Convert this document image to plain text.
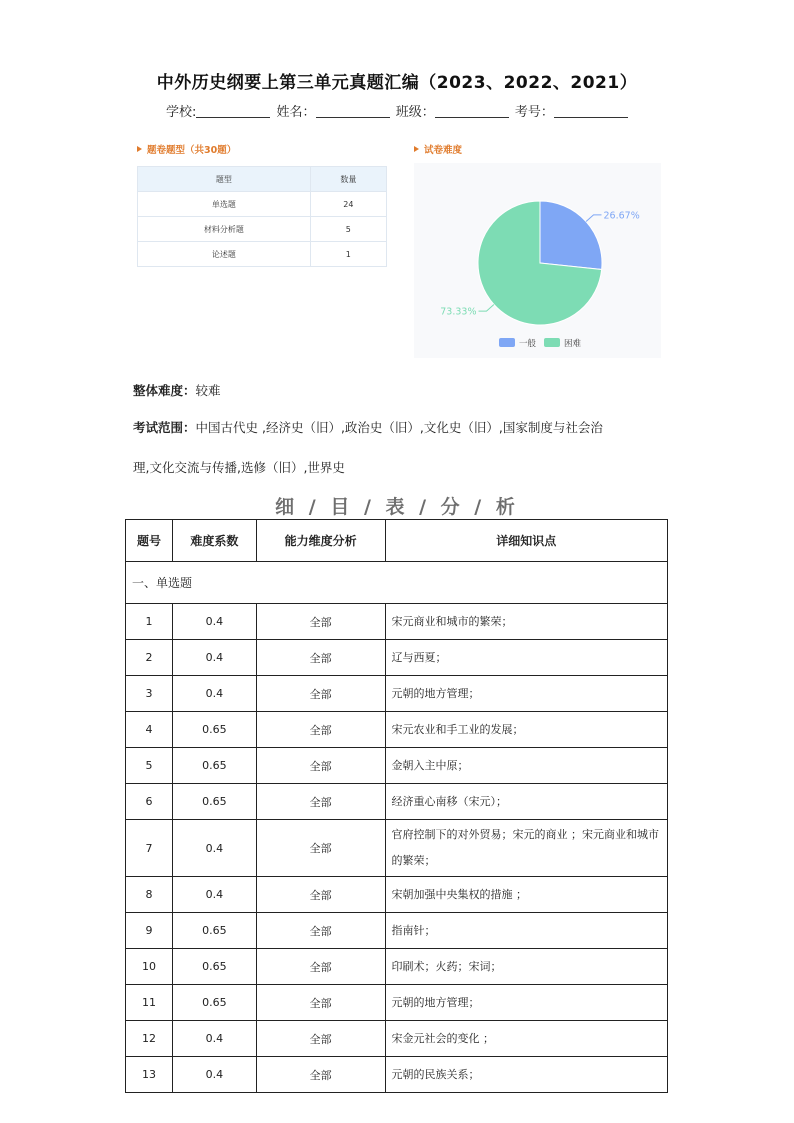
中外历史纲要上第三单元真题汇编（2023、2022、2021）
学校:	姓名：	班级：	考号：
题卷题型（共30题）
题型	数量
单选题	24
材料分析题	5
论述题	1
试卷难度
26.67%
73.33%
一般	困难
整体难度：较难
考试范围：中国古代史 ,经济史（旧）,政治史（旧）,文化史（旧）,国家制度与社会治
理,文化交流与传播,选修（旧）,世界史
细 / 目 / 表 / 分 / 析
题号	难度系数	能力维度分析	详细知识点
一、单选题			
1	0.4	全部	宋元商业和城市的繁荣；
2	0.4	全部	辽与西夏；
3	0.4	全部	元朝的地方管理；
4	0.65	全部	宋元农业和手工业的发展；
5	0.65	全部	金朝入主中原；
6	0.65	全部	经济重心南移（宋元）；
7	0.4	全部	官府控制下的对外贸易；宋元的商业 ；宋元商业和城市的繁荣；
8	0.4	全部	宋朝加强中央集权的措施 ；
9	0.65	全部	指南针；
10	0.65	全部	印刷术；火药；宋词；
11	0.65	全部	元朝的地方管理；
12	0.4	全部	宋金元社会的变化 ；
13	0.4	全部	元朝的民族关系；
